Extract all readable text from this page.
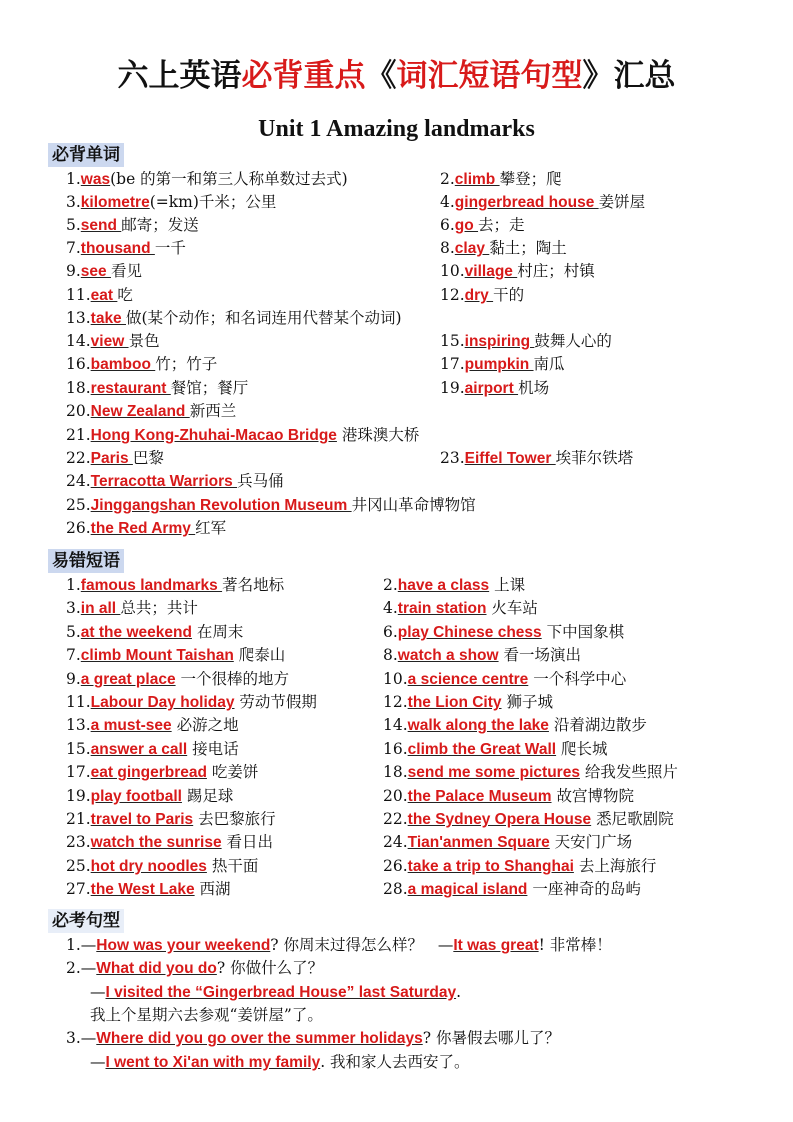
六上英语必背重点《词汇短语句型》汇总
Unit 1 Amazing landmarks
必背单词
1.was(be 的第一和第三人称单数过去式)	2.climb 攀登；爬
3.kilometre(=km)千米；公里	4.gingerbread house 姜饼屋
5.send 邮寄；发送	6.go 去；走
7.thousand 一千	8.clay 黏土；陶土
9.see 看见	10.village 村庄；村镇
11.eat 吃	12.dry 干的
13.take 做(某个动作；和名词连用代替某个动词)
14.view 景色	15.inspiring 鼓舞人心的
16.bamboo 竹；竹子	17.pumpkin 南瓜
18.restaurant 餐馆；餐厅	19.airport 机场
20.New Zealand 新西兰
21.Hong Kong-Zhuhai-Macao Bridge 港珠澳大桥
22.Paris 巴黎	23.Eiffel Tower 埃菲尔铁塔
24.Terracotta Warriors 兵马俑
25.Jinggangshan Revolution Museum 井冈山革命博物馆
26.the Red Army 红军
易错短语
1.famous landmarks 著名地标	2.have a class 上课
3.in all 总共；共计	4.train station 火车站
5.at the weekend 在周末	6.play Chinese chess 下中国象棋
7.climb Mount Taishan 爬泰山	8.watch a show 看一场演出
9.a great place 一个很棒的地方	10.a science centre 一个科学中心
11.Labour Day holiday 劳动节假期	12.the Lion City 狮子城
13.a must-see 必游之地	14.walk along the lake 沿着湖边散步
15.answer a call 接电话	16.climb the Great Wall 爬长城
17.eat gingerbread 吃姜饼	18.send me some pictures 给我发些照片
19.play football 踢足球	20.the Palace Museum 故宫博物院
21.travel to Paris 去巴黎旅行	22.the Sydney Opera House 悉尼歌剧院
23.watch the sunrise 看日出	24.Tian'anmen Square 天安门广场
25.hot dry noodles 热干面	26.take a trip to Shanghai 去上海旅行
27.the West Lake 西湖	28.a magical island 一座神奇的岛屿
必考句型
1.—How was your weekend? 你周末过得怎么样？ —It was great! 非常棒！
2.—What did you do? 你做什么了？
—I visited the “Gingerbread House” last Saturday.
我上个星期六去参观“姜饼屋”了。
3.—Where did you go over the summer holidays? 你暑假去哪儿了？
—I went to Xi'an with my family. 我和家人去西安了。
